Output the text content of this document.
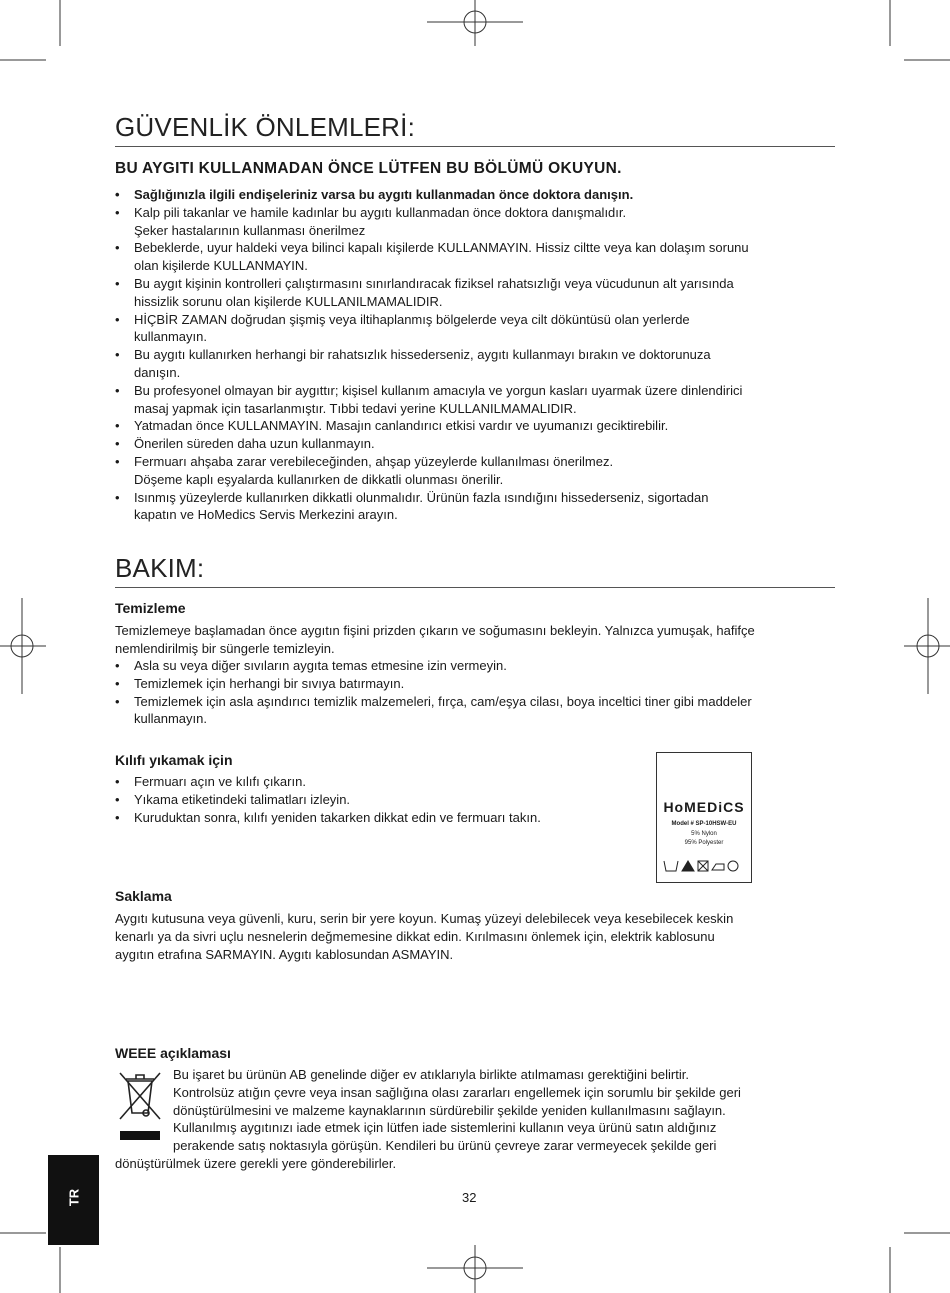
GÜVENLİK ÖNLEMLERİ:
BU AYGITI KULLANMADAN ÖNCE LÜTFEN BU BÖLÜMÜ OKUYUN.
• Sağlığınızla ilgili endişeleriniz varsa bu aygıtı kullanmadan önce doktora danışın.
• Kalp pili takanlar ve hamile kadınlar bu aygıtı kullanmadan önce doktora danışmalıdır.
Şeker hastalarının kullanması önerilmez
• Bebeklerde, uyur haldeki veya bilinci kapalı kişilerde KULLANMAYIN. Hissiz ciltte veya kan dolaşım sorunu
olan kişilerde KULLANMAYIN.
• Bu aygıt kişinin kontrolleri çalıştırmasını sınırlandıracak fiziksel rahatsızlığı veya vücudunun alt yarısında
hissizlik sorunu olan kişilerde KULLANILMAMALIDIR.
• HİÇBİR ZAMAN doğrudan şişmiş veya iltihaplanmış bölgelerde veya cilt döküntüsü olan yerlerde
kullanmayın.
• Bu aygıtı kullanırken herhangi bir rahatsızlık hissederseniz, aygıtı kullanmayı bırakın ve doktorunuza
danışın.
• Bu profesyonel olmayan bir aygıttır; kişisel kullanım amacıyla ve yorgun kasları uyarmak üzere dinlendirici
masaj yapmak için tasarlanmıştır. Tıbbi tedavi yerine KULLANILMAMALIDIR.
• Yatmadan önce KULLANMAYIN. Masajın canlandırıcı etkisi vardır ve uyumanızı geciktirebilir.
• Önerilen süreden daha uzun kullanmayın.
• Fermuarı ahşaba zarar verebileceğinden, ahşap yüzeylerde kullanılması önerilmez.
Döşeme kaplı eşyalarda kullanırken de dikkatli olunması önerilir.
• Isınmış yüzeylerde kullanırken dikkatli olunmalıdır. Ürünün fazla ısındığını hissederseniz, sigortadan
kapatın ve HoMedics Servis Merkezini arayın.
BAKIM:
Temizleme

Temizlemeye başlamadan önce aygıtın fişini prizden çıkarın ve soğumasını bekleyin. Yalnızca yumuşak, hafifçe
nemlendirilmiş bir süngerle temizleyin.

• Asla su veya diğer sıvıların aygıta temas etmesine izin vermeyin.
• Temizlemek için herhangi bir sıvıya batırmayın.
• Temizlemek için asla aşındırıcı temizlik malzemeleri, fırça, cam/eşya cilası, boya inceltici tiner gibi maddeler
kullanmayın.
Kılıfı yıkamak için
• Fermuarı açın ve kılıfı çıkarın.
• Yıkama etiketindeki talimatları izleyin.
• Kuruduktan sonra, kılıfı yeniden takarken dikkat edin ve fermuarı takın.
HoMEDiCS
Model # SP-10HSW-EU
5% Nylon
95% Polyester
Saklama

Aygıtı kutusuna veya güvenli, kuru, serin bir yere koyun. Kumaş yüzeyi delebilecek veya kesebilecek keskin
kenarlı ya da sivri uçlu nesnelerin değmemesine dikkat edin. Kırılmasını önlemek için, elektrik kablosunu
aygıtın etrafına SARMAYIN. Aygıtı kablosundan ASMAYIN.

WEEE açıklaması

Bu işaret bu ürünün AB genelinde diğer ev atıklarıyla birlikte atılmaması gerektiğini belirtir.
Kontrolsüz atığın çevre veya insan sağlığına olası zararları engellemek için sorumlu bir şekilde geri
dönüştürülmesini ve malzeme kaynaklarının sürdürebilir şekilde yeniden kullanılmasını sağlayın.
Kullanılmış aygıtınızı iade etmek için lütfen iade sistemlerini kullanın veya ürünü satın aldığınız
perakende satış noktasıyla görüşün. Kendileri bu ürünü çevreye zarar vermeyecek şekilde geri
dönüştürülmek üzere gerekli yere gönderebilirler.

TR	32
